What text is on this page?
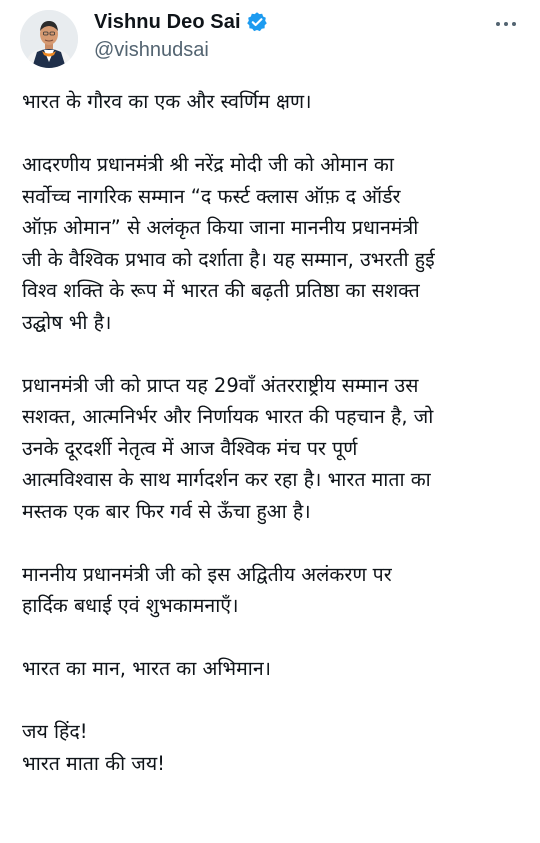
Vishnu Deo Sai
@vishnudsai
भारत के गौरव का एक और स्वर्णिम क्षण।
आदरणीय प्रधानमंत्री श्री नरेंद्र मोदी जी को ओमान का
सर्वोच्च नागरिक सम्मान “द फर्स्ट क्लास ऑफ़ द ऑर्डर
ऑफ़ ओमान” से अलंकृत किया जाना माननीय प्रधानमंत्री
जी के वैश्विक प्रभाव को दर्शाता है। यह सम्मान, उभरती हुई
विश्व शक्ति के रूप में भारत की बढ़ती प्रतिष्ठा का सशक्त
उद्घोष भी है।
प्रधानमंत्री जी को प्राप्त यह 29वाँ अंतरराष्ट्रीय सम्मान उस
सशक्त, आत्मनिर्भर और निर्णायक भारत की पहचान है, जो
उनके दूरदर्शी नेतृत्व में आज वैश्विक मंच पर पूर्ण
आत्मविश्वास के साथ मार्गदर्शन कर रहा है। भारत माता का
मस्तक एक बार फिर गर्व से ऊँचा हुआ है।
माननीय प्रधानमंत्री जी को इस अद्वितीय अलंकरण पर
हार्दिक बधाई एवं शुभकामनाएँ।
भारत का मान, भारत का अभिमान।
जय हिंद!
भारत माता की जय!
